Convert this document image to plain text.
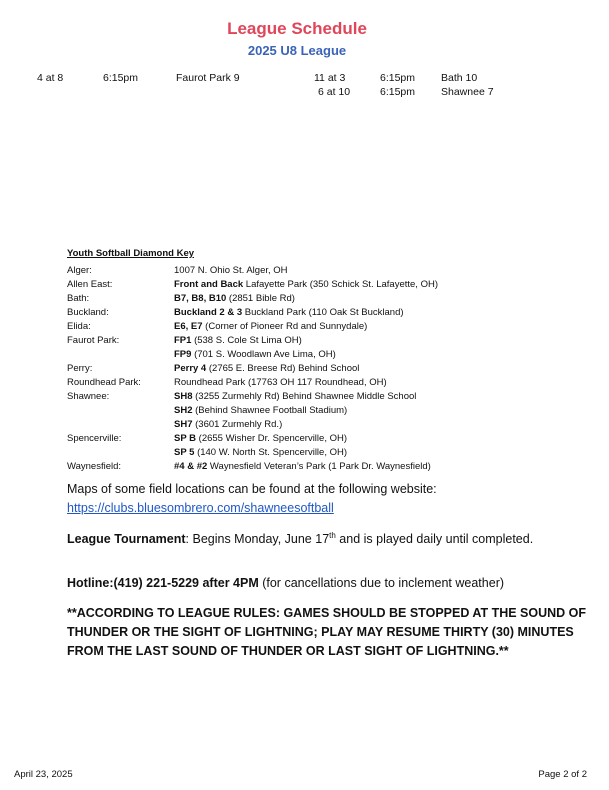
League Schedule
2025 U8 League
4 at 8	6:15pm	Faurot Park 9	11 at 3	6:15pm Bath 10
6 at 10	6:15pm Shawnee 7
Youth Softball Diamond Key
Alger:	1007 N. Ohio St. Alger, OH
Allen East:	Front and Back Lafayette Park (350 Schick St. Lafayette, OH)
Bath:	B7, B8, B10 (2851 Bible Rd)
Buckland:	Buckland 2 & 3 Buckland Park (110 Oak St Buckland)
Elida:	E6, E7 (Corner of Pioneer Rd and Sunnydale)
Faurot Park:	FP1 (538 S. Cole St Lima OH)
FP9 (701 S. Woodlawn Ave Lima, OH)
Perry:	Perry 4 (2765 E. Breese Rd) Behind School
Roundhead Park:	Roundhead Park (17763 OH 117 Roundhead, OH)
Shawnee:	SH8 (3255 Zurmehly Rd) Behind Shawnee Middle School
SH2 (Behind Shawnee Football Stadium)
SH7 (3601 Zurmehly Rd.)
Spencerville:	SP B (2655 Wisher Dr. Spencerville, OH)
SP 5 (140 W. North St. Spencerville, OH)
Waynesfield:	#4 & #2 Waynesfield Veteran’s Park (1 Park Dr. Waynesfield)
Maps of some field locations can be found at the following website:
https://clubs.bluesombrero.com/shawneesoftball
League Tournament: Begins Monday, June 17th and is played daily until completed.
Hotline:(419) 221-5229 after 4PM (for cancellations due to inclement weather)
**ACCORDING TO LEAGUE RULES: GAMES SHOULD BE STOPPED AT THE SOUND OF THUNDER OR THE SIGHT OF LIGHTNING; PLAY MAY RESUME THIRTY (30) MINUTES FROM THE LAST SOUND OF THUNDER OR LAST SIGHT OF LIGHTNING.**
April 23, 2025	Page 2 of 2
